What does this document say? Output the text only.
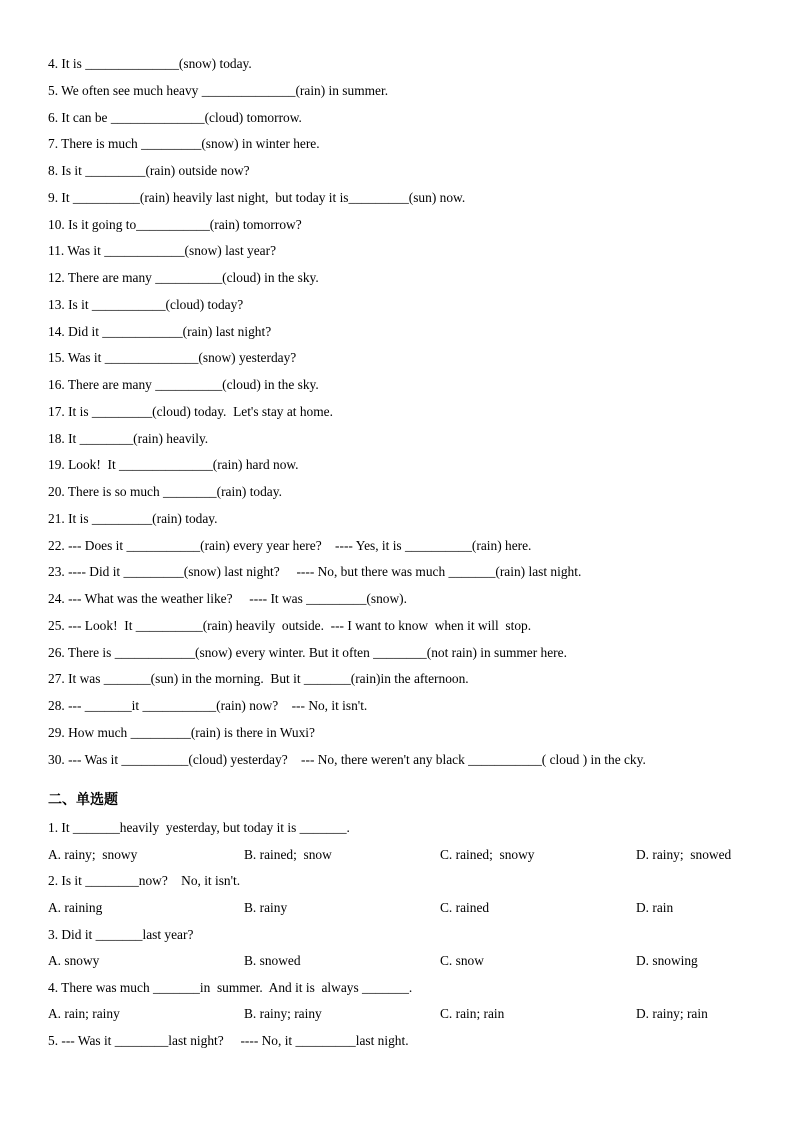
4. It is ______________(snow) today.
5. We often see much heavy ______________(rain) in summer.
6. It can be ______________(cloud) tomorrow.
7. There is much _________(snow) in winter here.
8. Is it _________(rain) outside now?
9. It __________(rain) heavily last night,  but today it is_________(sun) now.
10. Is it going to___________(rain) tomorrow?
11. Was it ____________(snow) last year?
12. There are many __________(cloud) in the sky.
13. Is it ___________(cloud) today?
14. Did it ____________(rain) last night?
15. Was it ______________(snow) yesterday?
16. There are many __________(cloud) in the sky.
17. It is _________(cloud) today.  Let's stay at home.
18. It ________(rain) heavily.
19. Look!  It ______________(rain) hard now.
20. There is so much ________(rain) today.
21. It is _________(rain) today.
22. --- Does it ___________(rain) every year here?    ---- Yes, it is __________(rain) here.
23. ---- Did it _________(snow) last night?     ---- No, but there was much _______(rain) last night.
24. --- What was the weather like?     ---- It was _________(snow).
25. --- Look!  It __________(rain) heavily  outside.  --- I want to know  when it will  stop.
26. There is ____________(snow) every winter. But it often ________(not rain) in summer here.
27. It was _______(sun) in the morning.  But it _______(rain)in the afternoon.
28. --- _______it ___________(rain) now?    --- No, it isn't.
29. How much _________(rain) is there in Wuxi?
30. --- Was it __________(cloud) yesterday?    --- No, there weren't any black ___________( cloud ) in the cky.
二、单选题
1. It _______heavily  yesterday, but today it is _______.
A. rainy;  snowy	B. rained;  snow	C. rained;  snowy	D. rainy;  snowed
2. Is it ________now?    No, it isn't.
A. raining	B. rainy	C. rained	D. rain
3. Did it _______last year?
A. snowy	B. snowed	C. snow	D. snowing
4. There was much _______in  summer.  And it is  always _______.
A. rain; rainy	B. rainy; rainy	C. rain; rain	D. rainy; rain
5. --- Was it ________last night?     ---- No, it _________last night.
